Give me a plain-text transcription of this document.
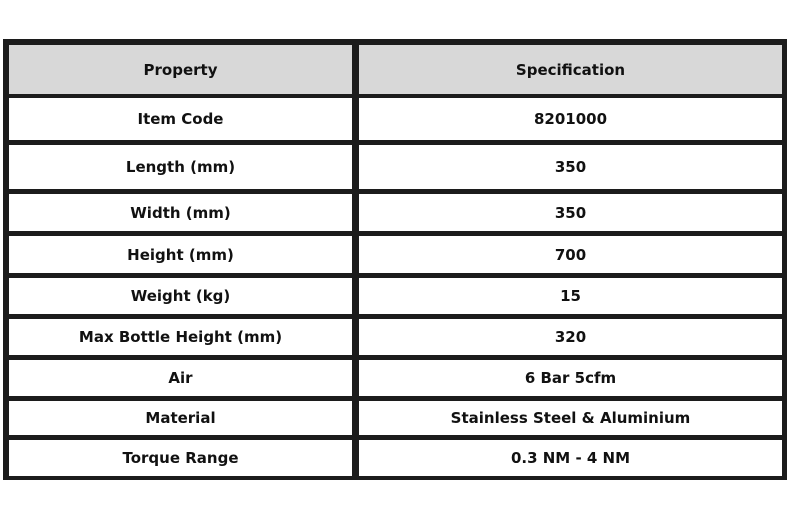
Property	Specification
Item Code	8201000
Length (mm)	350
Width (mm)	350
Height (mm)	700
Weight (kg)	15
Max Bottle Height (mm)	320
Air	6 Bar 5cfm
Material	Stainless Steel & Aluminium
Torque Range	0.3 NM - 4 NM
